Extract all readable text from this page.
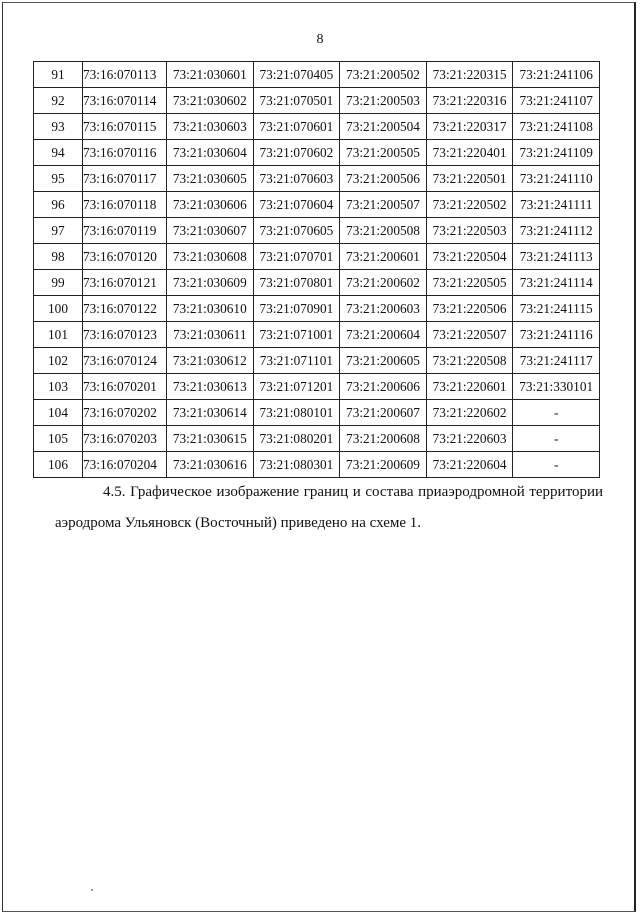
8
91	73:16:070113	73:21:030601	73:21:070405	73:21:200502	73:21:220315	73:21:241106
92	73:16:070114	73:21:030602	73:21:070501	73:21:200503	73:21:220316	73:21:241107
93	73:16:070115	73:21:030603	73:21:070601	73:21:200504	73:21:220317	73:21:241108
94	73:16:070116	73:21:030604	73:21:070602	73:21:200505	73:21:220401	73:21:241109
95	73:16:070117	73:21:030605	73:21:070603	73:21:200506	73:21:220501	73:21:241110
96	73:16:070118	73:21:030606	73:21:070604	73:21:200507	73:21:220502	73:21:241111
97	73:16:070119	73:21:030607	73:21:070605	73:21:200508	73:21:220503	73:21:241112
98	73:16:070120	73:21:030608	73:21:070701	73:21:200601	73:21:220504	73:21:241113
99	73:16:070121	73:21:030609	73:21:070801	73:21:200602	73:21:220505	73:21:241114
100	73:16:070122	73:21:030610	73:21:070901	73:21:200603	73:21:220506	73:21:241115
101	73:16:070123	73:21:030611	73:21:071001	73:21:200604	73:21:220507	73:21:241116
102	73:16:070124	73:21:030612	73:21:071101	73:21:200605	73:21:220508	73:21:241117
103	73:16:070201	73:21:030613	73:21:071201	73:21:200606	73:21:220601	73:21:330101
104	73:16:070202	73:21:030614	73:21:080101	73:21:200607	73:21:220602	-
105	73:16:070203	73:21:030615	73:21:080201	73:21:200608	73:21:220603	-
106	73:16:070204	73:21:030616	73:21:080301	73:21:200609	73:21:220604	-
4.5. Графическое изображение границ и состава приаэродромной территории
аэродрома Ульяновск (Восточный) приведено на схеме 1.
